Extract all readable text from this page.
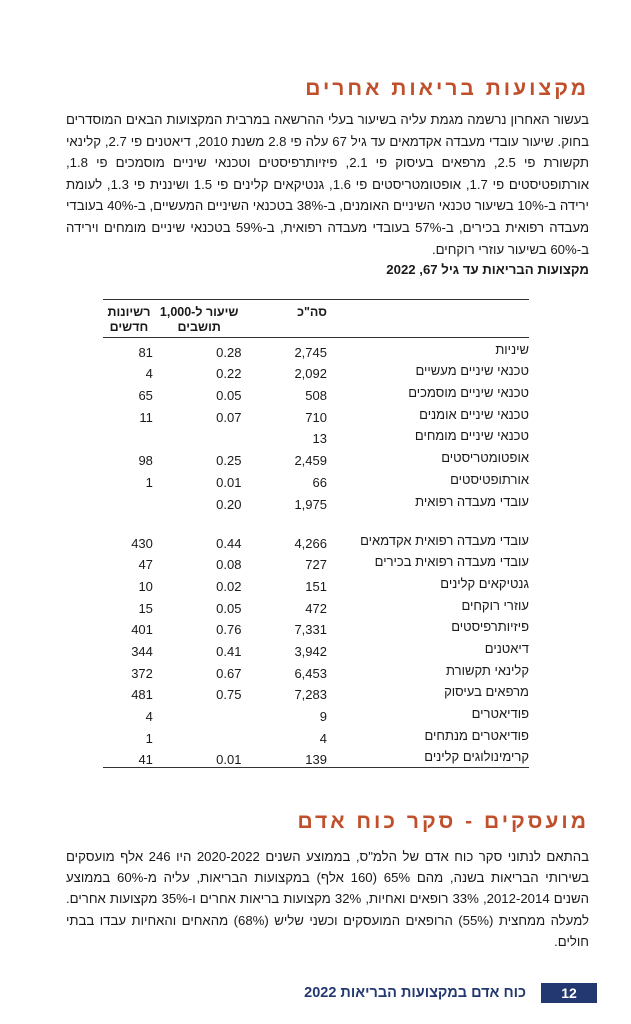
מקצועות בריאות אחרים

בעשור האחרון נרשמה מגמת עליה בשיעור בעלי ההרשאה במרבית המקצועות הבאים המוסדרים בחוק. שיעור עובדי מעבדה אקדמאים עד גיל 67 עלה פי 2.8 משנת 2010, דיאטנים פי 2.7, קלינאי תקשורת פי 2.5, מרפאים בעיסוק פי 2.1, פיזיותרפיסטים וטכנאי שיניים מוסמכים פי 1.8, אורתופטיסטים פי 1.7, אופטומטריסטים פי 1.6, גנטיקאים קלינים פי 1.5 ושיננית פי 1.3, לעומת ירידה ב-10% בשיעור טכנאי השיניים האומנים, ב-38% בטכנאי השיניים המעשיים, ב-40% בעובדי מעבדה רפואית בכירים, ב-57% בעובדי מעבדה רפואית, ב-59% בטכנאי שיניים מומחים וירידה ב-60% בשיעור עוזרי רוקחים.

מקצועות הבריאות עד גיל 67, 2022
רשיונות חדשים	שיעור ל-1,000 תושבים	סה"כ	
81	0.28	2,745	שיניות
4	0.22	2,092	טכנאי שיניים מעשיים
65	0.05	508	טכנאי שיניים מוסמכים
11	0.07	710	טכנאי שיניים אומנים
		13	טכנאי שיניים מומחים
98	0.25	2,459	אופטומטריסטים
1	0.01	66	אורתופטיסטים
	0.20	1,975	עובדי מעבדה רפואית
430	0.44	4,266	עובדי מעבדה רפואית אקדמאים
47	0.08	727	עובדי מעבדה רפואית בכירים
10	0.02	151	גנטיקאים קלינים
15	0.05	472	עוזרי רוקחים
401	0.76	7,331	פיזיותרפיסטים
344	0.41	3,942	דיאטנים
372	0.67	6,453	קלינאי תקשורת
481	0.75	7,283	מרפאים בעיסוק
4		9	פודיאטרים
1		4	פודיאטרים מנתחים
41	0.01	139	קרימינולוגים קלינים
מועסקים - סקר כוח אדם

בהתאם לנתוני סקר כוח אדם של הלמ"ס, בממוצע השנים 2020-2022 היו 246 אלף מועסקים בשירותי הבריאות בשנה, מהם 65% (160 אלף) במקצועות הבריאות, עליה מ-60% בממוצע השנים 2012-2014, 33% רופאים ואחיות, 32% מקצועות בריאות אחרים ו-35% מקצועות אחרים. למעלה ממחצית (55%) הרופאים המועסקים וכשני שליש (68%) מהאחים והאחיות עבדו בבתי חולים.

12
כוח אדם במקצועות הבריאות 2022
